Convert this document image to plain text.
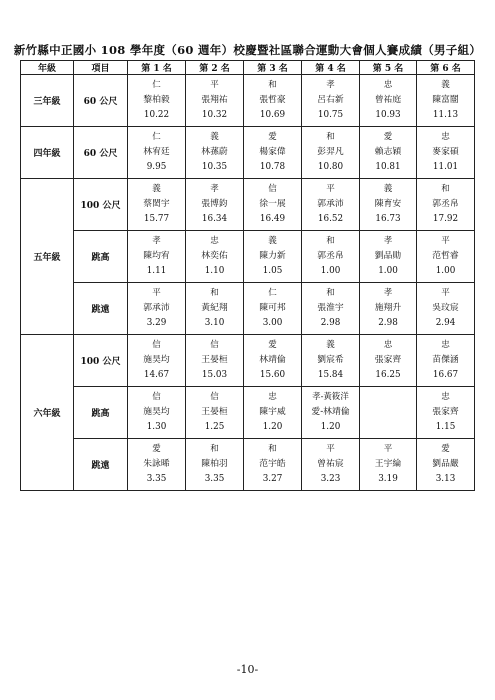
新竹縣中正國小 108 學年度（60 週年）校慶暨社區聯合運動大會個人賽成績（男子組）
年級	項目	第 1 名	第 2 名	第 3 名	第 4 名	第 5 名	第 6 名
三年級	60 公尺	仁
黎柏毅
10.22	平
張翔祐
10.32	和
張哲豪
10.69	孝
呂右新
10.75	忠
曾祐庭
10.93	義
陳富闓
11.13

四年級	60 公尺	仁
林宥廷
9.95	義
林蓀蔚
10.35	愛
楊家偉
10.78	和
彭羿凡
10.80	愛
賴志穎
10.81	忠
麥家碩
11.01

五年級	100 公尺	義
蔡閎宇
15.77	孝
張博鈞
16.34	信
徐一展
16.49	平
郭承沛
16.52	義
陳育安
16.73	和
郭丞帛
17.92

	跳高	孝
陳均宥
1.11	忠
林奕佑
1.10	義
陳力新
1.05	和
郭丞帛
1.00	孝
劉品勛
1.00	平
范哲睿
1.00

	跳遠	平
郭承沛
3.29	和
黃紀翔
3.10	仁
陳可邦
3.00	和
張淮宇
2.98	孝
施翔升
2.98	平
吳玟宸
2.94

六年級	100 公尺	信
施昊均
14.67	信
王晏桓
15.03	愛
林靖倫
15.60	義
劉宸希
15.84	忠
張家齊
16.25	忠
苗傑涵
16.67

	跳高	信
施昊均
1.30	信
王晏桓
1.25	忠
陳宇威
1.20	孝-黃筱洋
愛-林靖倫
1.20		忠
張家齊
1.15

	跳遠	愛
朱詠晞
3.35	和
陳柏羽
3.35	和
范宇皓
3.27	平
曾祐宸
3.23	平
王宇綸
3.19	愛
劉品嚴
3.13
-10-
